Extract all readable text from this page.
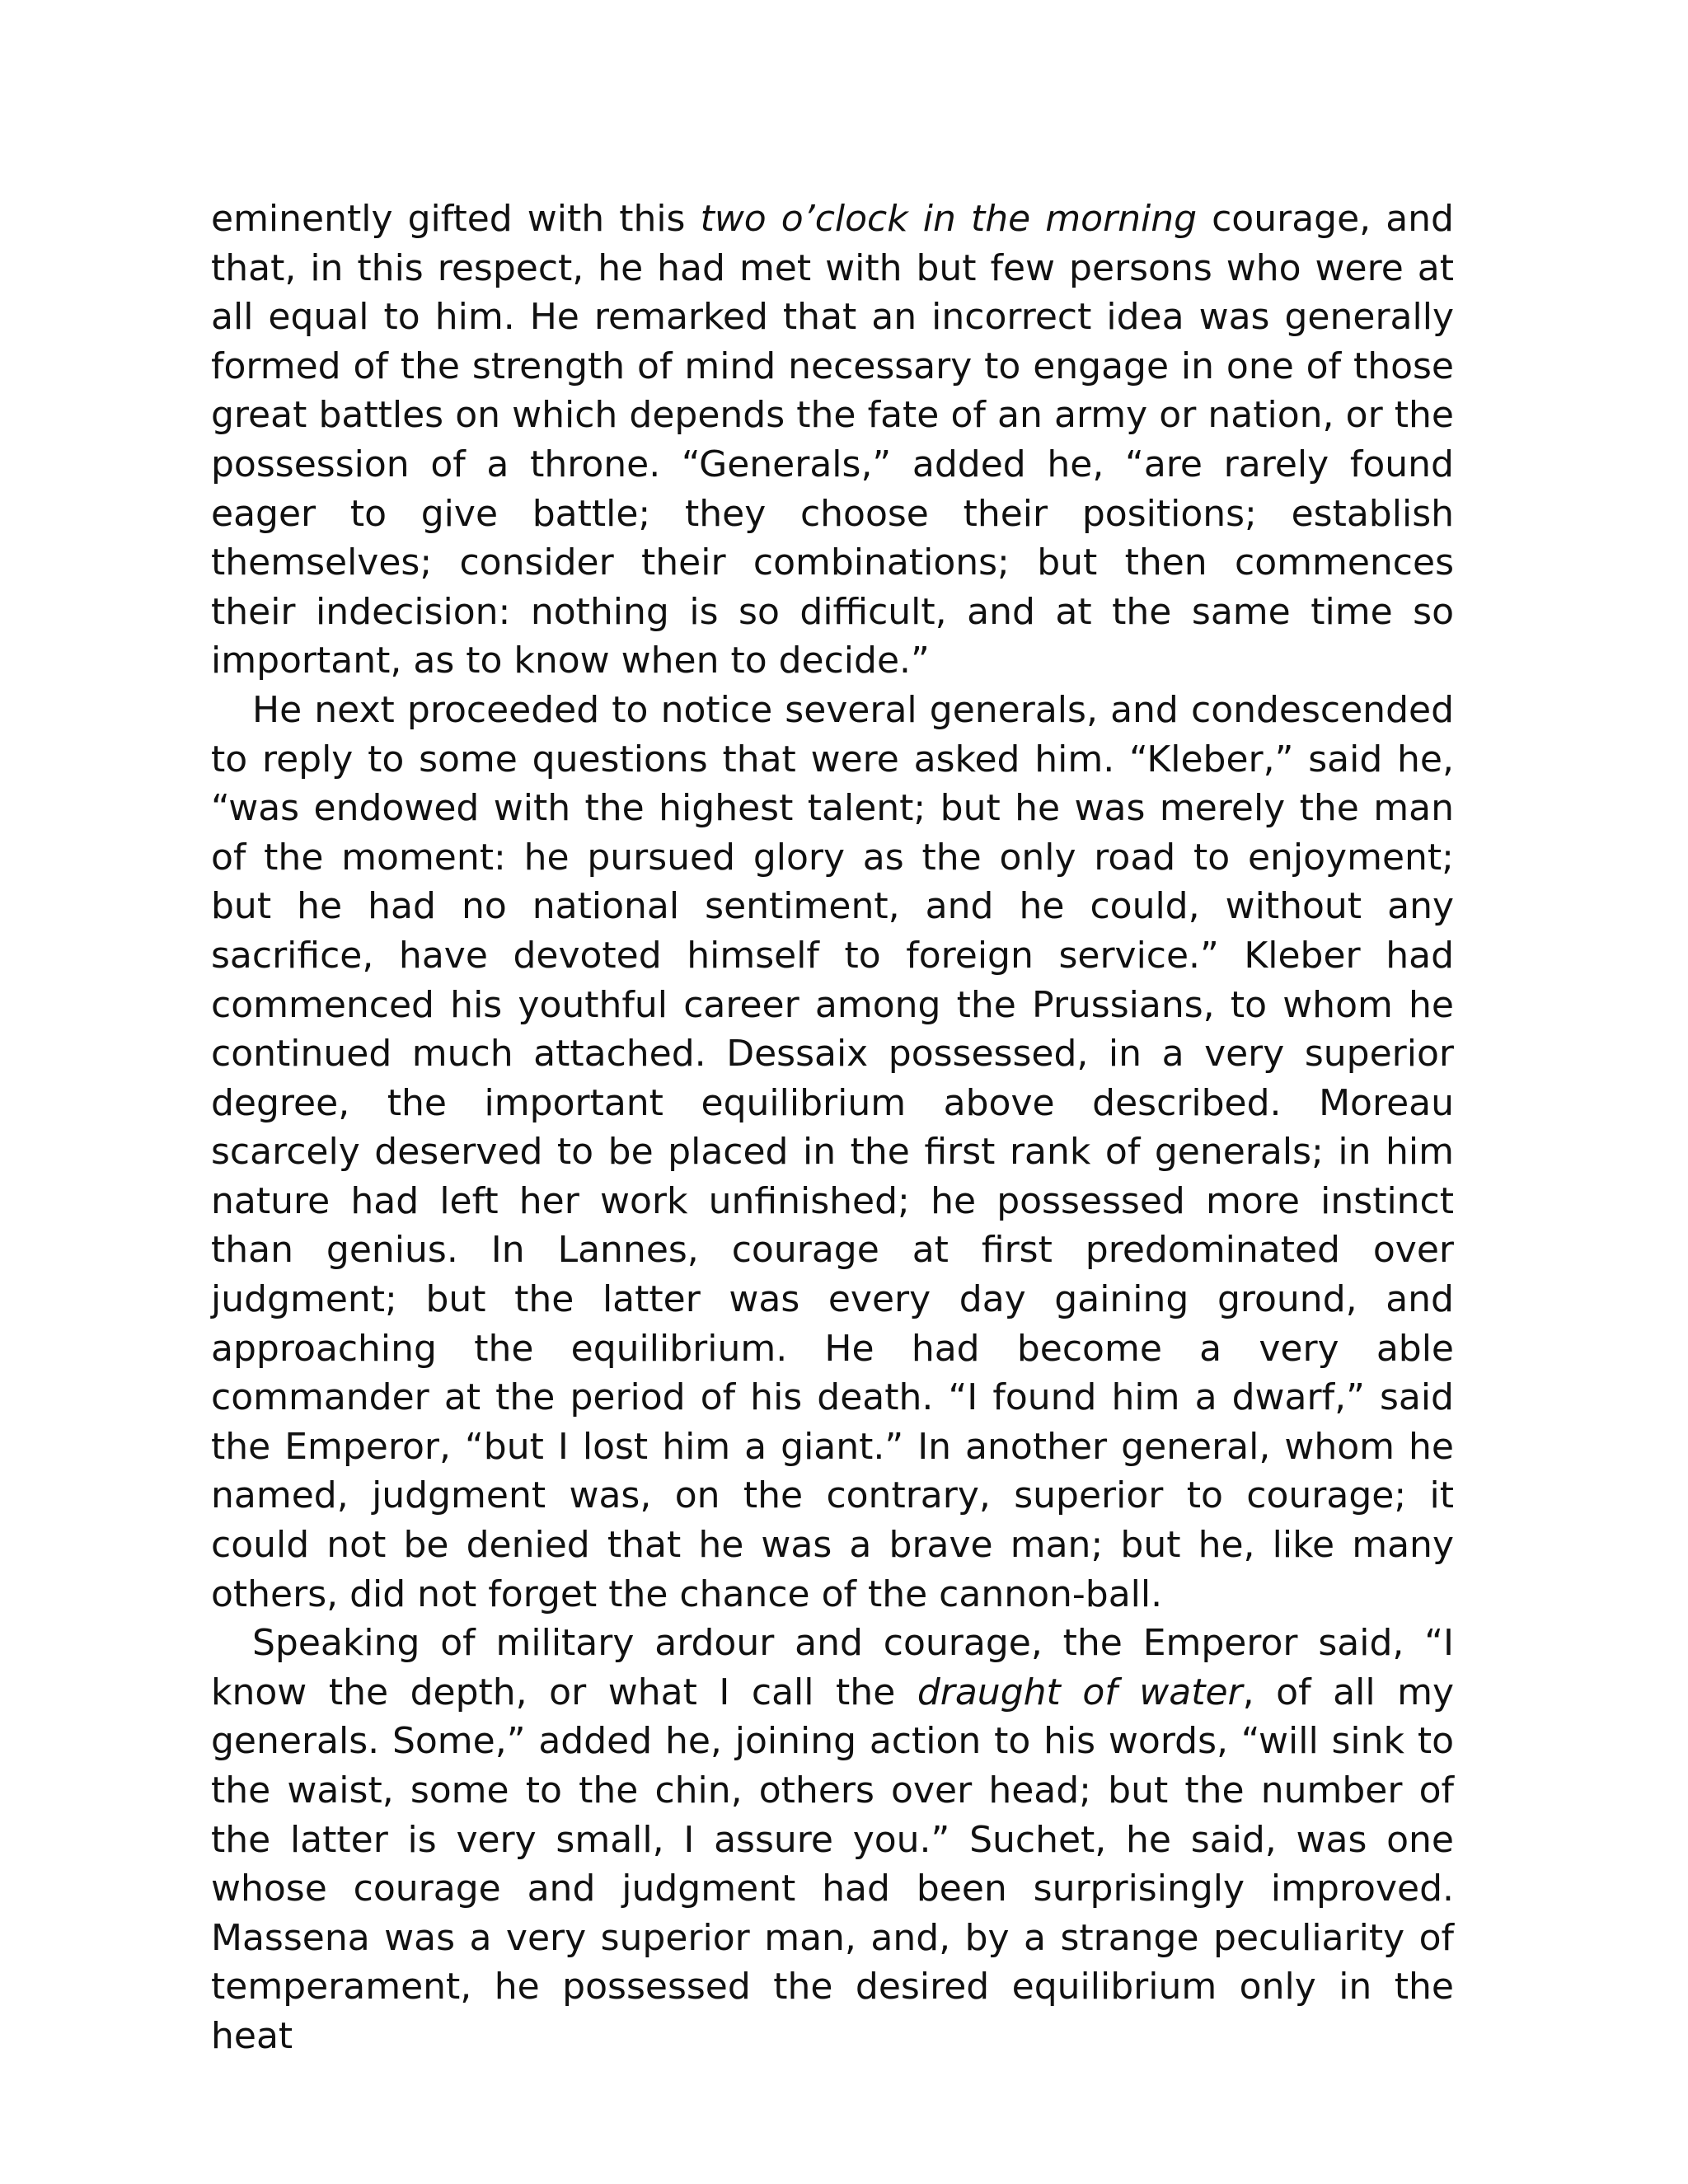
eminently gifted with this two o’clock in the morning courage, and that, in this respect, he had met with but few persons who were at all equal to him. He remarked that an incorrect idea was generally formed of the strength of mind necessary to engage in one of those great battles on which depends the fate of an army or nation, or the possession of a throne. “Generals,” added he, “are rarely found eager to give battle; they choose their positions; establish themselves; consider their combinations; but then commences their indecision: nothing is so difficult, and at the same time so important, as to know when to decide.”

He next proceeded to notice several generals, and condescended to reply to some questions that were asked him. “Kleber,” said he, “was endowed with the highest talent; but he was merely the man of the moment: he pursued glory as the only road to enjoyment; but he had no national sentiment, and he could, without any sacrifice, have devoted himself to foreign service.” Kleber had commenced his youthful career among the Prussians, to whom he continued much attached. Dessaix possessed, in a very superior degree, the important equilibrium above described. Moreau scarcely deserved to be placed in the first rank of generals; in him nature had left her work unfinished; he possessed more instinct than genius. In Lannes, courage at first predominated over judgment; but the latter was every day gaining ground, and approaching the equilibrium. He had become a very able commander at the period of his death. “I found him a dwarf,” said the Emperor, “but I lost him a giant.” In another general, whom he named, judgment was, on the contrary, superior to courage; it could not be denied that he was a brave man; but he, like many others, did not forget the chance of the cannon-ball.

Speaking of military ardour and courage, the Emperor said, “I know the depth, or what I call the draught of water, of all my generals. Some,” added he, joining action to his words, “will sink to the waist, some to the chin, others over head; but the number of the latter is very small, I assure you.” Suchet, he said, was one whose courage and judgment had been surprisingly improved. Massena was a very superior man, and, by a strange peculiarity of temperament, he possessed the desired equilibrium only in the heat
